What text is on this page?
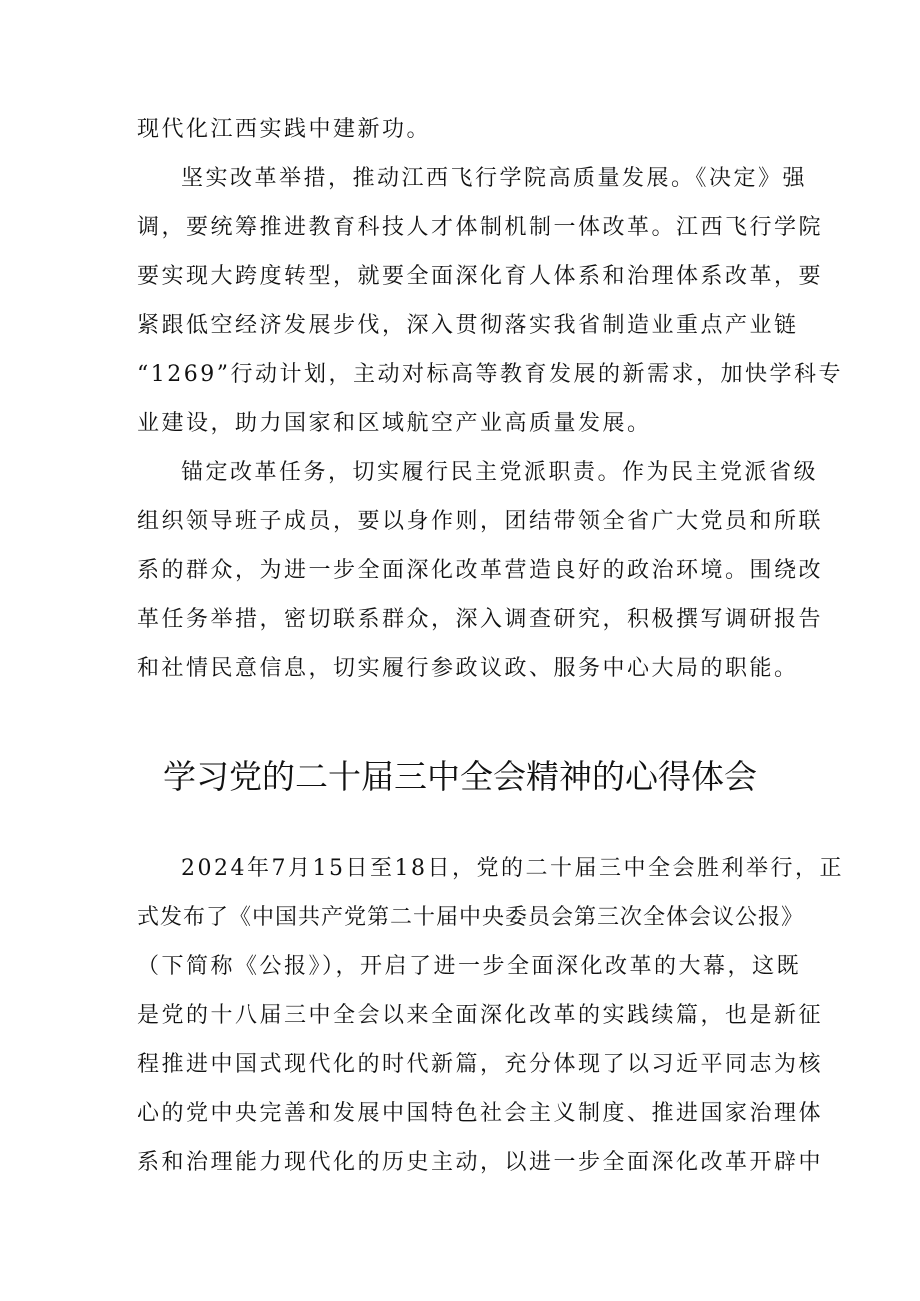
现代化江西实践中建新功。
坚实改革举措，推动江西飞行学院高质量发展。《决定》强
调，要统筹推进教育科技人才体制机制一体改革。江西飞行学院
要实现大跨度转型，就要全面深化育人体系和治理体系改革，要
紧跟低空经济发展步伐，深入贯彻落实我省制造业重点产业链
“1269”行动计划，主动对标高等教育发展的新需求，加快学科专
业建设，助力国家和区域航空产业高质量发展。
锚定改革任务，切实履行民主党派职责。作为民主党派省级
组织领导班子成员，要以身作则，团结带领全省广大党员和所联
系的群众，为进一步全面深化改革营造良好的政治环境。围绕改
革任务举措，密切联系群众，深入调查研究，积极撰写调研报告
和社情民意信息，切实履行参政议政、服务中心大局的职能。
学习党的二十届三中全会精神的心得体会
2024年7月15日至18日，党的二十届三中全会胜利举行，正
式发布了《中国共产党第二十届中央委员会第三次全体会议公报》
（下简称《公报》），开启了进一步全面深化改革的大幕，这既
是党的十八届三中全会以来全面深化改革的实践续篇，也是新征
程推进中国式现代化的时代新篇，充分体现了以习近平同志为核
心的党中央完善和发展中国特色社会主义制度、推进国家治理体
系和治理能力现代化的历史主动，以进一步全面深化改革开辟中
